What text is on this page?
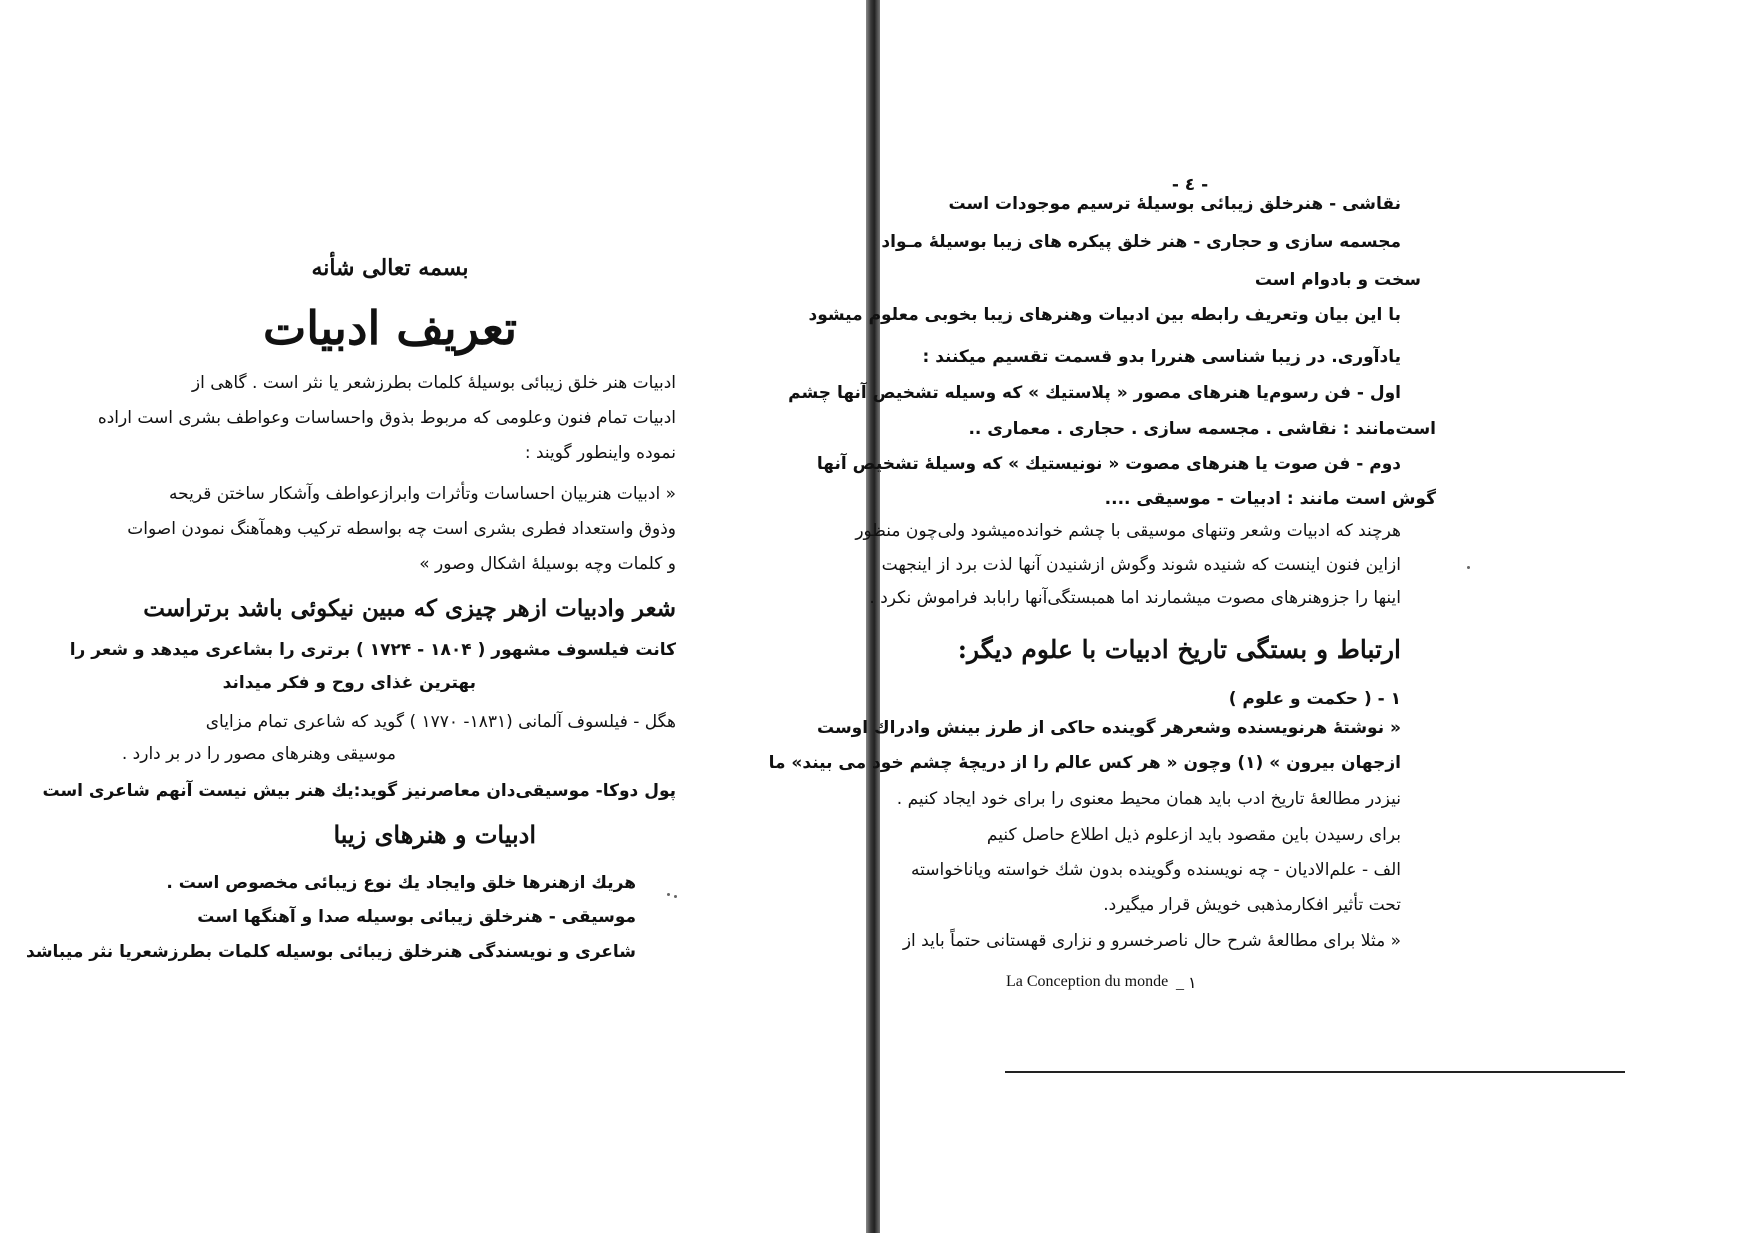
بسمه تعالی شأنه
تعریف ادبیات
ادبیات هنر خلق زیبائی بوسیلهٔ کلمات بطرزشعر یا نثر است . گاهی از
ادبیات تمام فنون وعلومی که مربوط بذوق واحساسات وعواطف بشری است اراده
نموده واینطور گویند :
« ادبیات هنربیان احساسات وتأثرات وابرازعواطف وآشکار ساختن قریحه
وذوق واستعداد فطری بشری است چه بواسطه ترکیب وهمآهنگ نمودن اصوات
و کلمات وچه بوسیلهٔ اشکال وصور »
شعر وادبیات ازهر چیزی که مبین نیکوئی باشد برتراست
کانت فیلسوف مشهور ( ۱۸۰۴ - ۱۷۲۴ ) برتری را بشاعری میدهد و شعر را
بهترین غذای روح و فکر میداند
هگل - فیلسوف آلمانی (۱۸۳۱- ۱۷۷۰ ) گوید که شاعری تمام مزایای
موسیقی وهنرهای مصور را در بر دارد .
پول دوکا- موسیقی‌دان معاصرنیز گوید:یك هنر بیش نیست آنهم شاعری است
ادبیات و هنرهای زیبا
هریك ازهنرها خلق وایجاد یك نوع زیبائی مخصوص است .
موسیقی - هنرخلق زیبائی بوسیله صدا و آهنگها است
شاعری و نویسندگی هنرخلق زیبائی بوسیله کلمات بطرزشعریا نثر میباشد
- ٤ -
نقاشی - هنرخلق زیبائی بوسیلهٔ ترسیم موجودات است
مجسمه سازی و حجاری - هنر خلق پیکره های زیبا بوسیلهٔ مـواد
سخت و بادوام است
با این بیان وتعریف رابطه بین ادبیات وهنرهای زیبا بخوبی معلوم میشود
یادآوری. در زیبا شناسی هنررا بدو قسمت تقسیم میکنند :
اول - فن رسوم‌یا هنرهای مصور « پلاستیك » که وسیله تشخیص آنها چشم
است‌مانند : نقاشی . مجسمه سازی . حجاری . معماری ..
دوم - فن صوت یا هنرهای مصوت « نونیستیك » که وسیلهٔ تشخیص آنها
گوش است مانند : ادبیات - موسیقی ....
هرچند که ادبیات وشعر وتنهای موسیقی با چشم خوانده‌میشود ولی‌چون منظور
ازاین فنون اینست که شنیده شوند وگوش ازشنیدن آنها لذت برد از اینجهت
اینها را جزوهنرهای مصوت میشمارند اما همبستگی‌آنها رابابد فراموش نکرد .
ارتباط و بستگی تاریخ ادبیات با علوم دیگر:
۱ - ( حکمت و علوم )
« نوشتهٔ هرنویسنده وشعرهر گوینده حاکی از طرز بینش وادراك اوست
ازجهان بیرون » (۱) وچون « هر کس عالم را از دریچهٔ چشم خود می بیند» ما
نیزدر مطالعهٔ تاریخ ادب باید همان محیط معنوی را برای خود ایجاد کنیم .
برای رسیدن باین مقصود باید ازعلوم ذیل اطلاع حاصل کنیم
الف - علم‌الادیان - چه نویسنده وگوینده بدون شك خواسته ویاناخواسته
تحت تأثیر افکارمذهبی خویش قرار میگیرد.
« مثلا برای مطالعهٔ شرح حال ناصرخسرو و نزاری قهستانی حتماً باید از
La Conception du monde ۱ _
